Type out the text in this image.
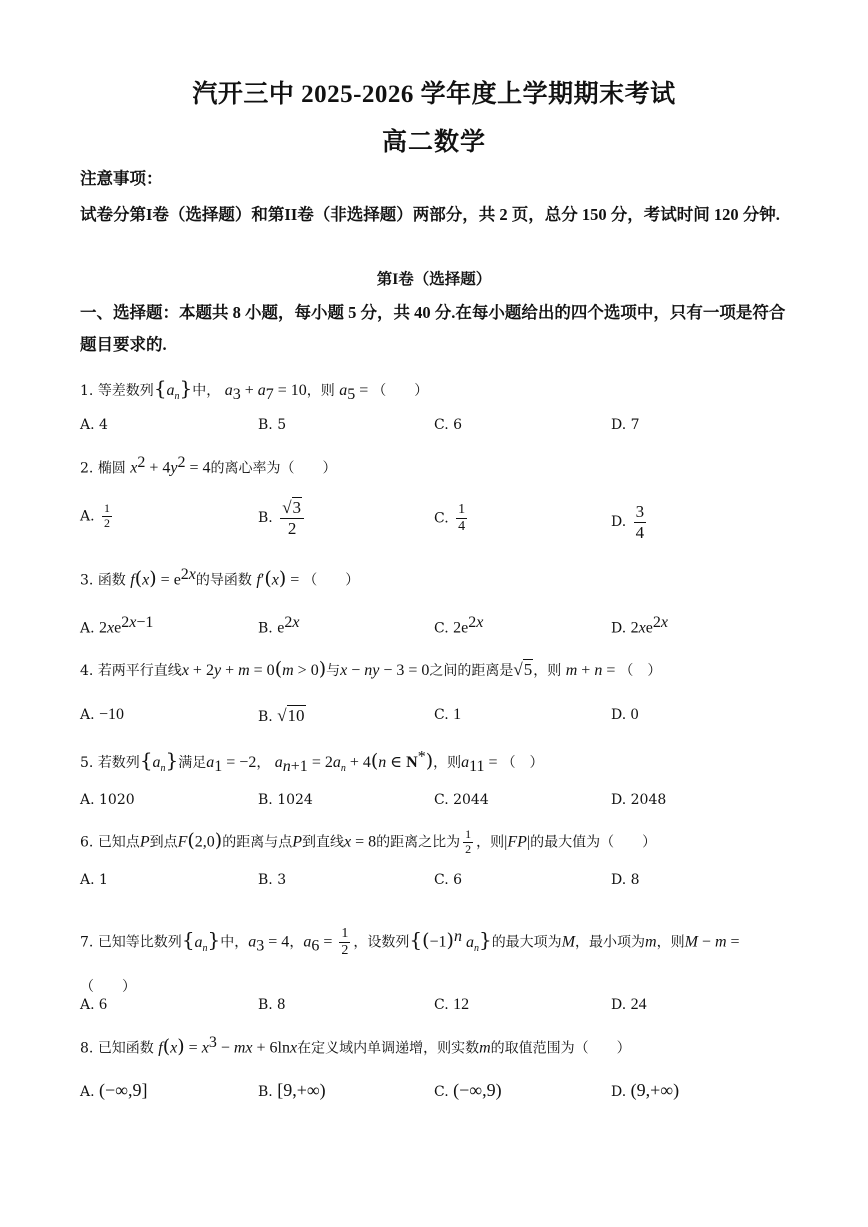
汽开三中 2025-2026 学年度上学期期末考试
高二数学
注意事项：
试卷分第I卷（选择题）和第II卷（非选择题）两部分，共 2 页，总分 150 分，考试时间 120 分钟.
第I卷（选择题）
一、选择题：本题共 8 小题，每小题 5 分，共 40 分.在每小题给出的四个选项中，只有一项是符合题目要求的.
1. 等差数列$\{a_n\}$中， $a_3 + a_7 = 10$，则 $a_5$ = （　　）
A. 4	B. 5	C. 6	D. 7
2. 椭圆 $x^2 + 4y^2 = 4$的离心率为（　　）
A. $\frac{1}{2}$	B. $\frac{√3}{2}$	C. $\frac{1}{4}$	D. $\frac{3}{4}$
3. 函数 $f(x) = e^{2x}$的导函数 f′(x) = （　　）
A. $2xe^{2x-1}$	B. $e^{2x}$	C. $2e^{2x}$	D. $2xe^{2x}$
4. 若两平行直线x + 2y + m = 0(m > 0)与x − ny − 3 = 0之间的距离是√5，则 m + n = （　）
A. −10	B. √10	C. 1	D. 0
5. 若数列$\{a_n\}$满足$a_1 = -2$， $a_{n+1} = 2a_n + 4(n$ ∈ N*)，则$a_{11}$ = （　）
A. 1020	B. 1024	C. 2044	D. 2048
6. 已知点P到点F(2,0)的距离与点P到直线x = 8的距离之比为 $\frac{1}{2}$ ，则|FP|的最大值为（　　）
A. 1	B. 3	C. 6	D. 8
7. 已知等比数列$\{a_n\}$中，$a_3 = 4$，$a_6 = \frac{1}{2}$ ，设数列{$(-1)^n$ $a_n$}的最大项为M，最小项为m，则M − m =
（　　）
A. 6	B. 8	C. 12	D. 24
8. 已知函数 $f(x) = x^3$ − mx + 6lnx在定义域内单调递增，则实数m的取值范围为（　　）
A. (−∞,9]	B. [9,+∞)	C. (−∞,9)	D. (9,+∞)
